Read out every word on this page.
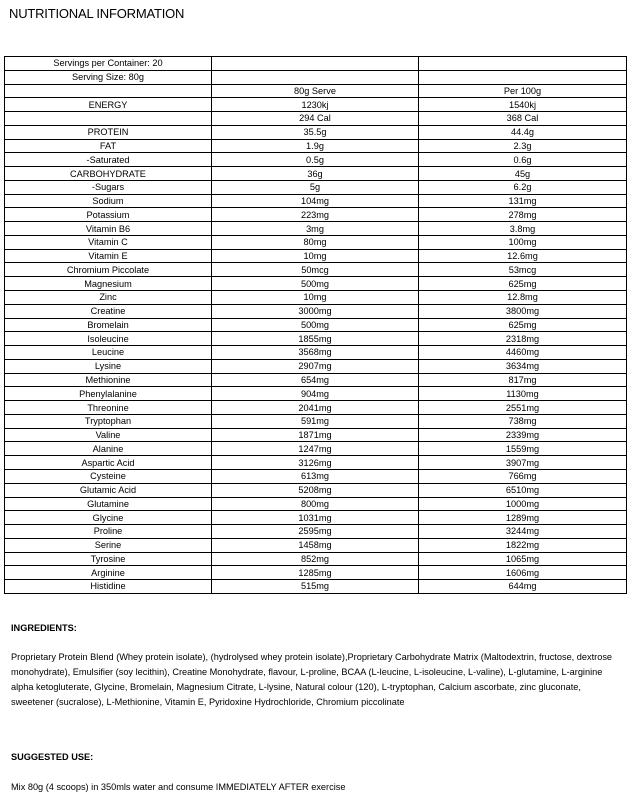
NUTRITIONAL INFORMATION
Servings per Container: 20		
Serving Size: 80g		
	80g Serve	Per 100g
ENERGY	1230kj	1540kj
	294 Cal	368 Cal
PROTEIN	35.5g	44.4g
FAT	1.9g	2.3g
-Saturated	0.5g	0.6g
CARBOHYDRATE	36g	45g
-Sugars	5g	6.2g
Sodium	104mg	131mg
Potassium	223mg	278mg
Vitamin B6	3mg	3.8mg
Vitamin C	80mg	100mg
Vitamin E	10mg	12.6mg
Chromium Piccolate	50mcg	53mcg
Magnesium	500mg	625mg
Zinc	10mg	12.8mg
Creatine	3000mg	3800mg
Bromelain	500mg	625mg
Isoleucine	1855mg	2318mg
Leucine	3568mg	4460mg
Lysine	2907mg	3634mg
Methionine	654mg	817mg
Phenylalanine	904mg	1130mg
Threonine	2041mg	2551mg
Tryptophan	591mg	738mg
Valine	1871mg	2339mg
Alanine	1247mg	1559mg
Aspartic Acid	3126mg	3907mg
Cysteine	613mg	766mg
Glutamic Acid	5208mg	6510mg
Glutamine	800mg	1000mg
Glycine	1031mg	1289mg
Proline	2595mg	3244mg
Serine	1458mg	1822mg
Tyrosine	852mg	1065mg
Arginine	1285mg	1606mg
Histidine	515mg	644mg
INGREDIENTS:
Proprietary Protein Blend (Whey protein isolate), (hydrolysed whey protein isolate),Proprietary Carbohydrate Matrix (Maltodextrin, fructose, dextrose monohydrate), Emulsifier (soy lecithin), Creatine Monohydrate, flavour, L-proline, BCAA (L-leucine, L-isoleucine, L-valine), L-glutamine, L-arginine alpha ketogluterate, Glycine, Bromelain, Magnesium Citrate, L-lysine, Natural colour (120), L-tryptophan, Calcium ascorbate, zinc gluconate, sweetener (sucralose), L-Methionine, Vitamin E, Pyridoxine Hydrochloride, Chromium piccolinate
SUGGESTED USE:
Mix 80g (4 scoops) in 350mls water and consume IMMEDIATELY AFTER exercise
